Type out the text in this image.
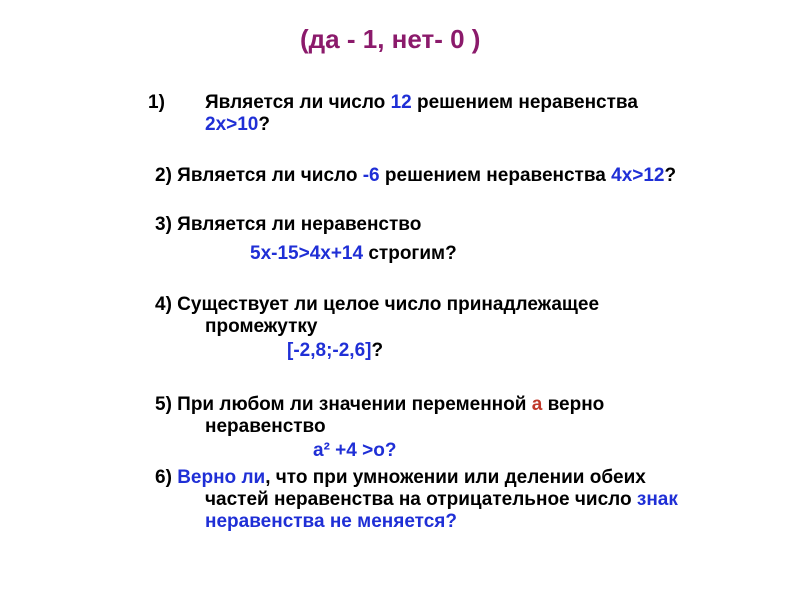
(да - 1, нет- 0 )
1) Является ли число 12 решением неравенства
2х>10?
2) Является ли число -6 решением неравенства 4х>12?
3) Является ли неравенство
5х-15>4х+14 строгим?
4) Существует ли целое число принадлежащее
промежутку
[-2,8;-2,6]?
5) При любом ли значении переменной а верно
неравенство
а² +4 >о?
6) Верно ли, что при умножении или делении обеих
частей неравенства на отрицательное число знак
неравенства не меняется?
